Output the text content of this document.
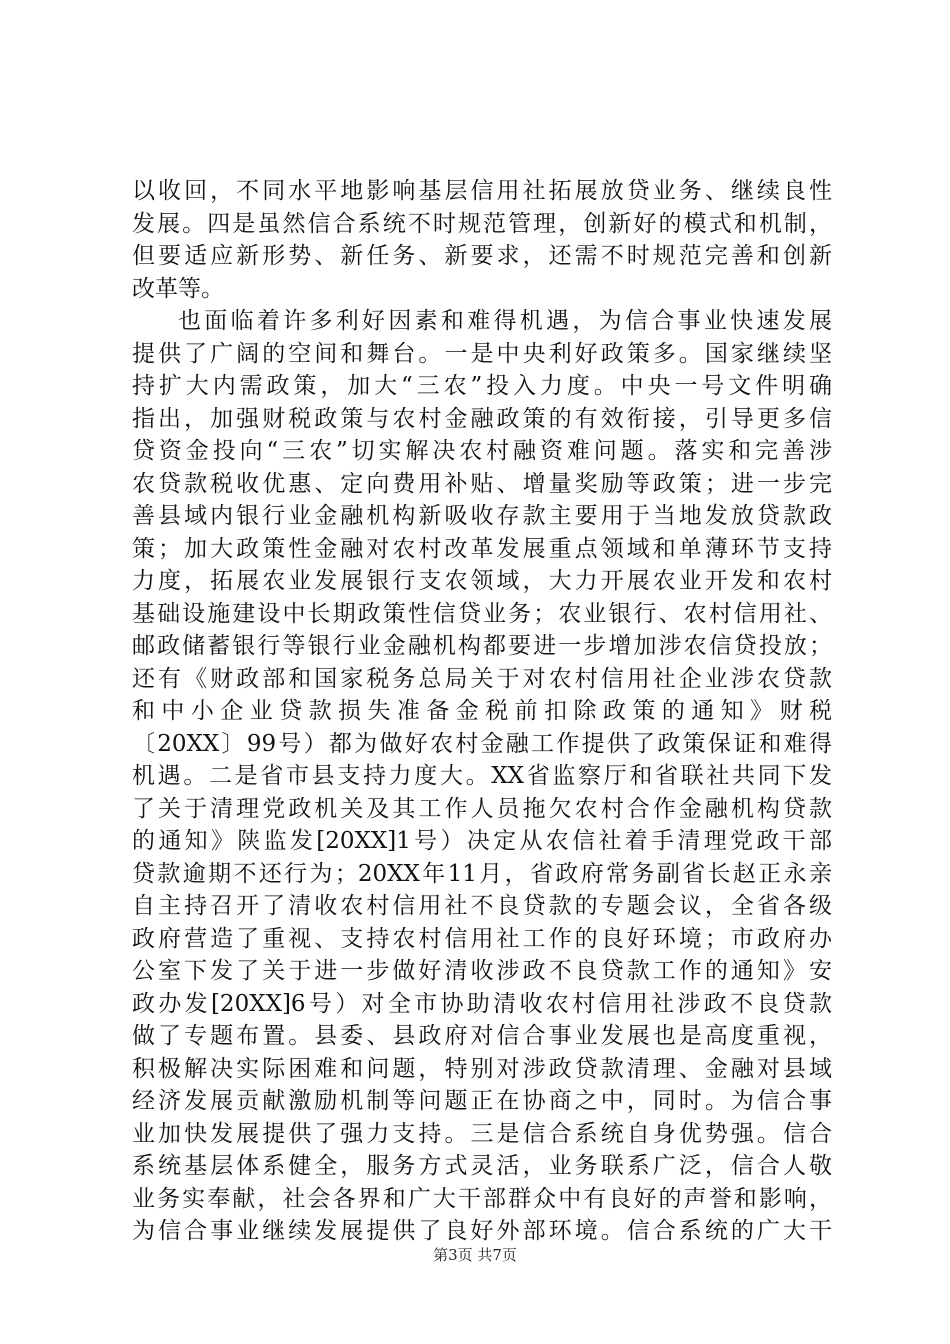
以收回，不同水平地影响基层信用社拓展放贷业务、继续良性
发展。四是虽然信合系统不时规范管理，创新好的模式和机制，
但要适应新形势、新任务、新要求，还需不时规范完善和创新
改革等。
也面临着许多利好因素和难得机遇，为信合事业快速发展
提供了广阔的空间和舞台。一是中央利好政策多。国家继续坚
持扩大内需政策，加大“三农”投入力度。中央一号文件明确
指出，加强财税政策与农村金融政策的有效衔接，引导更多信
贷资金投向“三农”切实解决农村融资难问题。落实和完善涉
农贷款税收优惠、定向费用补贴、增量奖励等政策；进一步完
善县域内银行业金融机构新吸收存款主要用于当地发放贷款政
策；加大政策性金融对农村改革发展重点领域和单薄环节支持
力度，拓展农业发展银行支农领域，大力开展农业开发和农村
基础设施建设中长期政策性信贷业务；农业银行、农村信用社、
邮政储蓄银行等银行业金融机构都要进一步增加涉农信贷投放；
还有《财政部和国家税务总局关于对农村信用社企业涉农贷款
和中小企业贷款损失准备金税前扣除政策的通知》财税
〔20XX〕99号）都为做好农村金融工作提供了政策保证和难得
机遇。二是省市县支持力度大。XX省监察厅和省联社共同下发
了关于清理党政机关及其工作人员拖欠农村合作金融机构贷款
的通知》陕监发[20XX]1号）决定从农信社着手清理党政干部
贷款逾期不还行为；20XX年11月，省政府常务副省长赵正永亲
自主持召开了清收农村信用社不良贷款的专题会议，全省各级
政府营造了重视、支持农村信用社工作的良好环境；市政府办
公室下发了关于进一步做好清收涉政不良贷款工作的通知》安
政办发[20XX]6号）对全市协助清收农村信用社涉政不良贷款
做了专题布置。县委、县政府对信合事业发展也是高度重视，
积极解决实际困难和问题，特别对涉政贷款清理、金融对县域
经济发展贡献激励机制等问题正在协商之中，同时。为信合事
业加快发展提供了强力支持。三是信合系统自身优势强。信合
系统基层体系健全，服务方式灵活，业务联系广泛，信合人敬
业务实奉献，社会各界和广大干部群众中有良好的声誉和影响，
为信合事业继续发展提供了良好外部环境。信合系统的广大干
第3页 共7页
